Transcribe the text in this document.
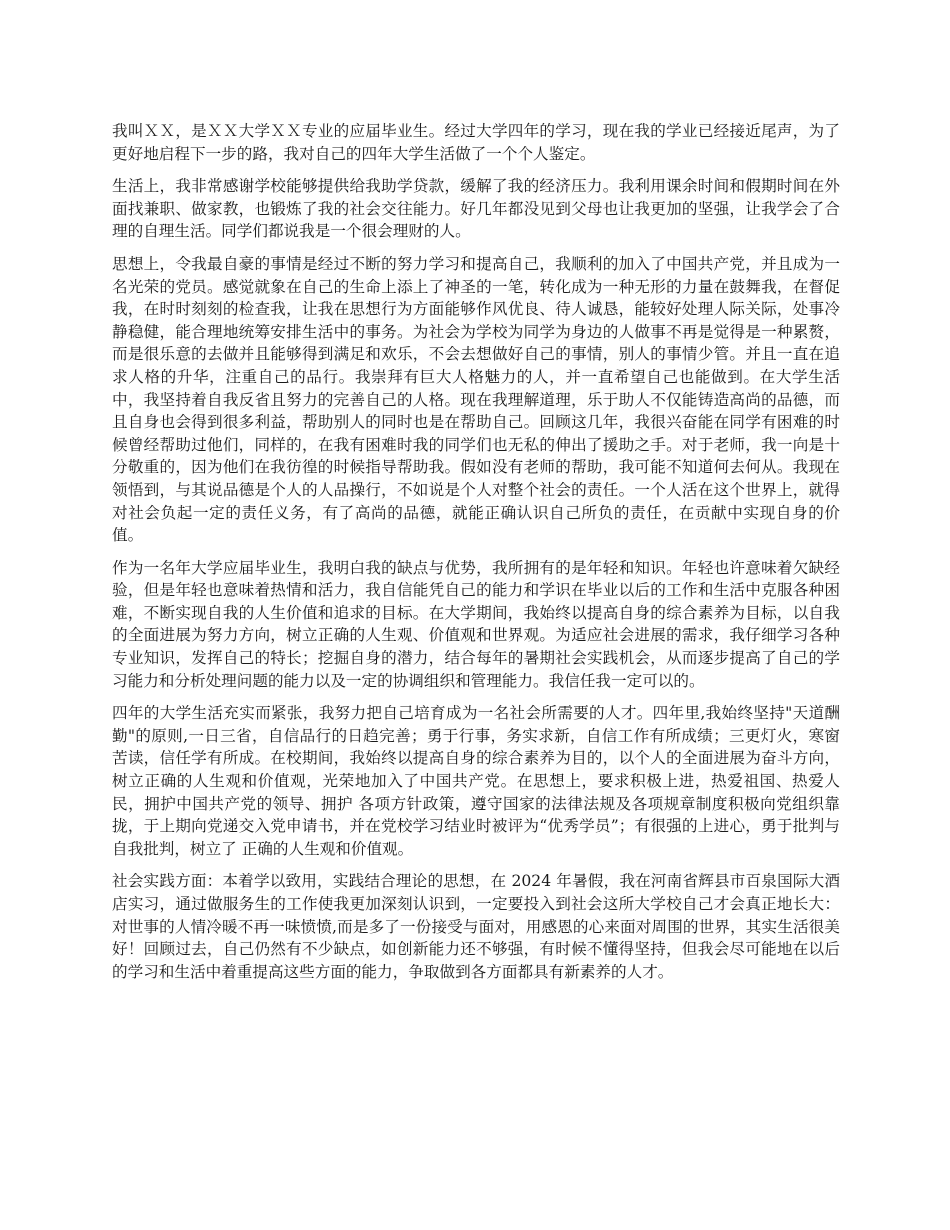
我叫ＸＸ，是ＸＸ大学ＸＸ专业的应届毕业生。经过大学四年的学习，现在我的学业已经接近尾声，为了更好地启程下一步的路，我对自己的四年大学生活做了一个个人鉴定。

生活上，我非常感谢学校能够提供给我助学贷款，缓解了我的经济压力。我利用课余时间和假期时间在外面找兼职、做家教，也锻炼了我的社会交往能力。好几年都没见到父母也让我更加的坚强，让我学会了合理的自理生活。同学们都说我是一个很会理财的人。

思想上，令我最自豪的事情是经过不断的努力学习和提高自己，我顺利的加入了中国共产党，并且成为一名光荣的党员。感觉就象在自己的生命上添上了神圣的一笔，转化成为一种无形的力量在鼓舞我，在督促我，在时时刻刻的检查我，让我在思想行为方面能够作风优良、待人诚恳，能较好处理人际关际，处事冷静稳健，能合理地统筹安排生活中的事务。为社会为学校为同学为身边的人做事不再是觉得是一种累赘，而是很乐意的去做并且能够得到满足和欢乐，不会去想做好自己的事情，别人的事情少管。并且一直在追求人格的升华，注重自己的品行。我崇拜有巨大人格魅力的人，并一直希望自己也能做到。在大学生活中，我坚持着自我反省且努力的完善自己的人格。现在我理解道理，乐于助人不仅能铸造高尚的品德，而且自身也会得到很多利益，帮助别人的同时也是在帮助自己。回顾这几年，我很兴奋能在同学有困难的时候曾经帮助过他们，同样的，在我有困难时我的同学们也无私的伸出了援助之手。对于老师，我一向是十分敬重的，因为他们在我彷徨的时候指导帮助我。假如没有老师的帮助，我可能不知道何去何从。我现在领悟到，与其说品德是个人的人品操行，不如说是个人对整个社会的责任。一个人活在这个世界上，就得对社会负起一定的责任义务，有了高尚的品德，就能正确认识自己所负的责任，在贡献中实现自身的价值。

作为一名年大学应届毕业生，我明白我的缺点与优势，我所拥有的是年轻和知识。年轻也许意味着欠缺经验，但是年轻也意味着热情和活力，我自信能凭自己的能力和学识在毕业以后的工作和生活中克服各种困难，不断实现自我的人生价值和追求的目标。在大学期间，我始终以提高自身的综合素养为目标，以自我的全面进展为努力方向，树立正确的人生观、价值观和世界观。为适应社会进展的需求，我仔细学习各种专业知识，发挥自己的特长；挖掘自身的潜力，结合每年的暑期社会实践机会，从而逐步提高了自己的学习能力和分析处理问题的能力以及一定的协调组织和管理能力。我信任我一定可以的。

四年的大学生活充实而紧张，我努力把自己培育成为一名社会所需要的人才。四年里,我始终坚持"天道酬勤"的原则,一日三省，自信品行的日趋完善；勇于行事，务实求新，自信工作有所成绩；三更灯火，寒窗苦读，信任学有所成。在校期间，我始终以提高自身的综合素养为目的，以个人的全面进展为奋斗方向，树立正确的人生观和价值观，光荣地加入了中国共产党。在思想上，要求积极上进，热爱祖国、热爱人民，拥护中国共产党的领导、拥护 各项方针政策，遵守国家的法律法规及各项规章制度积极向党组织靠拢，于上期向党递交入党申请书，并在党校学习结业时被评为“优秀学员”；有很强的上进心，勇于批判与自我批判，树立了 正确的人生观和价值观。

社会实践方面：本着学以致用，实践结合理论的思想，在 2024 年暑假，我在河南省辉县市百泉国际大酒店实习，通过做服务生的工作使我更加深刻认识到，一定要投入到社会这所大学校自己才会真正地长大：对世事的人情冷暖不再一味愤愤,而是多了一份接受与面对，用感恩的心来面对周围的世界，其实生活很美好！回顾过去，自己仍然有不少缺点，如创新能力还不够强，有时候不懂得坚持，但我会尽可能地在以后的学习和生活中着重提高这些方面的能力，争取做到各方面都具有新素养的人才。
